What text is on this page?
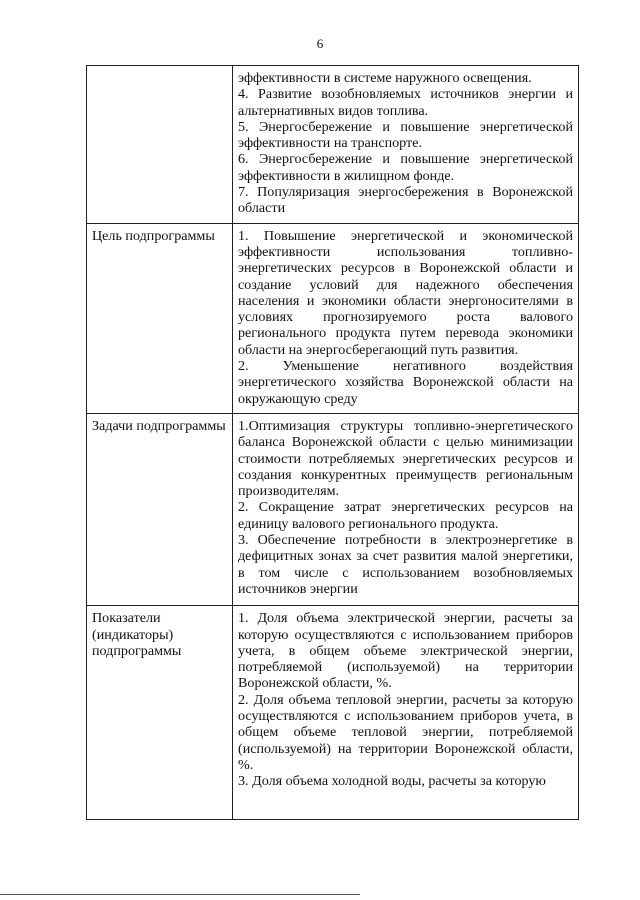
6

	эффективности в системе наружного освещения.
4. Развитие возобновляемых источников энергии и альтернативных видов топлива.
5. Энергосбережение и повышение энергетической эффективности на транспорте.
6. Энергосбережение и повышение энергетической эффективности в жилищном фонде.
7. Популяризация энергосбережения в Воронежской области

Цель подпрограммы	1. Повышение энергетической и экономической эффективности использования топливно-энергетических ресурсов в Воронежской области и создание условий для надежного обеспечения населения и экономики области энергоносителями в условиях прогнозируемого роста валового регионального продукта путем перевода экономики области на энергосберегающий путь развития.
2. Уменьшение негативного воздействия энергетического хозяйства Воронежской области на окружающую среду

Задачи подпрограммы	1.Оптимизация структуры топливно-энергетического баланса Воронежской области с целью минимизации стоимости потребляемых энергетических ресурсов и создания конкурентных преимуществ региональным производителям.
2. Сокращение затрат энергетических ресурсов на единицу валового регионального продукта.
3. Обеспечение потребности в электроэнергетике в дефицитных зонах за счет развития малой энергетики, в том числе с использованием возобновляемых источников энергии

Показатели (индикаторы) подпрограммы	1. Доля объема электрической энергии, расчеты за которую осуществляются с использованием приборов учета, в общем объеме электрической энергии, потребляемой (используемой) на территории Воронежской области, %.
2. Доля объема тепловой энергии, расчеты за которую осуществляются с использованием приборов учета, в общем объеме тепловой энергии, потребляемой (используемой) на территории Воронежской области, %.
3. Доля объема холодной воды, расчеты за которую
